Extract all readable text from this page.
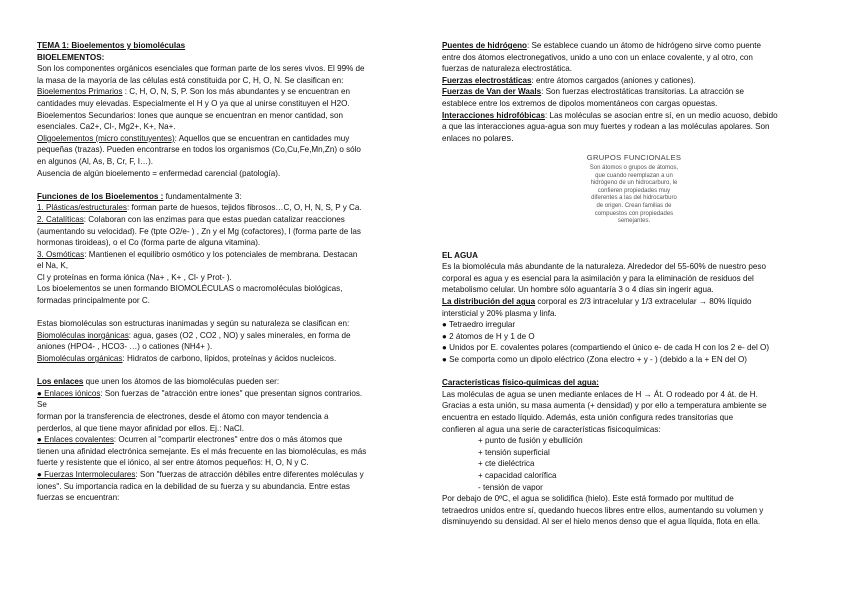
TEMA 1: Bioelementos y biomoléculas

BIOELEMENTOS:

Son los componentes orgánicos esenciales que forman parte de los seres vivos. El 99% de

la masa de la mayoría de las células está constituida por C, H, O, N. Se clasifican en:

Bioelementos Primarios : C, H, O, N, S, P. Son los más abundantes y se encuentran en

cantidades muy elevadas. Especialmente el H y O ya que al unirse constituyen el H2O.

Bioelementos Secundarios: Iones que aunque se encuentran en menor cantidad, son

esenciales. Ca2+, Cl-, Mg2+, K+, Na+.

Oligoelementos (micro constituyentes): Aquellos que se encuentran en cantidades muy

pequeñas (trazas). Pueden encontrarse en todos los organismos (Co,Cu,Fe,Mn,Zn) o sólo

en algunos (Al, As, B, Cr, F, I…).

Ausencia de algún bioelemento = enfermedad carencial (patología).

Funciones de los Bioelementos : fundamentalmente 3:

1. Plásticas/estructurales: forman parte de huesos, tejidos fibrosos…C, O, H, N, S, P y Ca.

2. Catalíticas: Colaboran con las enzimas para que estas puedan catalizar reacciones

(aumentando su velocidad). Fe (tpte O2/e- ) , Zn y el Mg (cofactores), I (forma parte de las

hormonas tiroideas), o el Co (forma parte de alguna vitamina).

3. Osmóticas: Mantienen el equilibrio osmótico y los potenciales de membrana. Destacan

el Na, K,

Cl y proteínas en forma iónica (Na+ , K+ , Cl- y Prot- ).

Los bioelementos se unen formando BIOMOLÉCULAS o macromoléculas biológicas,

formadas principalmente por C.

Estas biomoléculas son estructuras inanimadas y según su naturaleza se clasifican en:

Biomoléculas inorgánicas: agua, gases (O2 , CO2 , NO) y sales minerales, en forma de

aniones (HPO4- , HCO3- …) o cationes (NH4+ ).

Biomoléculas orgánicas: Hidratos de carbono, lípidos, proteínas y ácidos nucleicos.

Los enlaces que unen los átomos de las biomoléculas pueden ser:

● Enlaces iónicos: Son fuerzas de "atracción entre iones" que presentan signos contrarios.

Se

forman por la transferencia de electrones, desde el átomo con mayor tendencia a

perderlos, al que tiene mayor afinidad por ellos. Ej.: NaCl.

● Enlaces covalentes: Ocurren al "compartir electrones" entre dos o más átomos que

tienen una afinidad electrónica semejante. Es el más frecuente en las biomoléculas, es más

fuerte y resistente que el iónico, al ser entre átomos pequeños: H, O, N y C.

● Fuerzas Intermoleculares: Son "fuerzas de atracción débiles entre diferentes moléculas y

iones". Su importancia radica en la debilidad de su fuerza y su abundancia. Entre estas

fuerzas se encuentran:

Puentes de hidrógeno: Se establece cuando un átomo de hidrógeno sirve como puente

entre dos átomos electronegativos, unido a uno con un enlace covalente, y al otro, con

fuerzas de naturaleza electrostática.

Fuerzas electrostáticas: entre átomos cargados (aniones y cationes).

Fuerzas de Van der Waals: Son fuerzas electrostáticas transitorias. La atracción se

establece entre los extremos de dipolos momentáneos con cargas opuestas.

Interacciones hidrofóbicas: Las moléculas se asocian entre sí, en un medio acuoso, debido

a que las interacciones agua-agua son muy fuertes y rodean a las moléculas apolares. Son

enlaces no polares.

GRUPOS FUNCIONALES
Son átomos o grupos de átomos,
que cuando reemplazan a un
hidrógeno de un hidrocarburo, le
confieren propiedades muy
diferentes a las del hidrocarburo
de origen. Crean familias de
compuestos con propiedades
semejantes.

EL AGUA

Es la biomolécula más abundante de la naturaleza. Alrededor del 55-60% de nuestro peso

corporal es agua y es esencial para la asimilación y para la eliminación de residuos del

metabolismo celular. Un hombre sólo aguantaría 3 o 4 días sin ingerir agua.

La distribución del agua corporal es 2/3 intracelular y 1/3 extracelular → 80% líquido

intersticial y 20% plasma y linfa.

● Tetraedro irregular

● 2 átomos de H y 1 de O

● Unidos por E. covalentes polares (compartiendo el único e- de cada H con los 2 e- del O)

● Se comporta como un dipolo eléctrico (Zona electro + y - ) (debido a la + EN del O)

Características físico-químicas del agua:

Las moléculas de agua se unen mediante enlaces de H → Át. O rodeado por 4 át. de H.

Gracias a esta unión, su masa aumenta (+ densidad) y por ello a temperatura ambiente se

encuentra en estado líquido. Además, esta unión configura redes transitorias que

confieren al agua una serie de características fisicoquímicas:

+ punto de fusión y ebullición

+ tensión superficial

+ cte dieléctrica

+ capacidad calorífica

- tensión de vapor

Por debajo de 0ºC, el agua se solidifica (hielo). Este está formado por multitud de

tetraedros unidos entre sí, quedando huecos libres entre ellos, aumentando su volumen y

disminuyendo su densidad. Al ser el hielo menos denso que el agua líquida, flota en ella.
